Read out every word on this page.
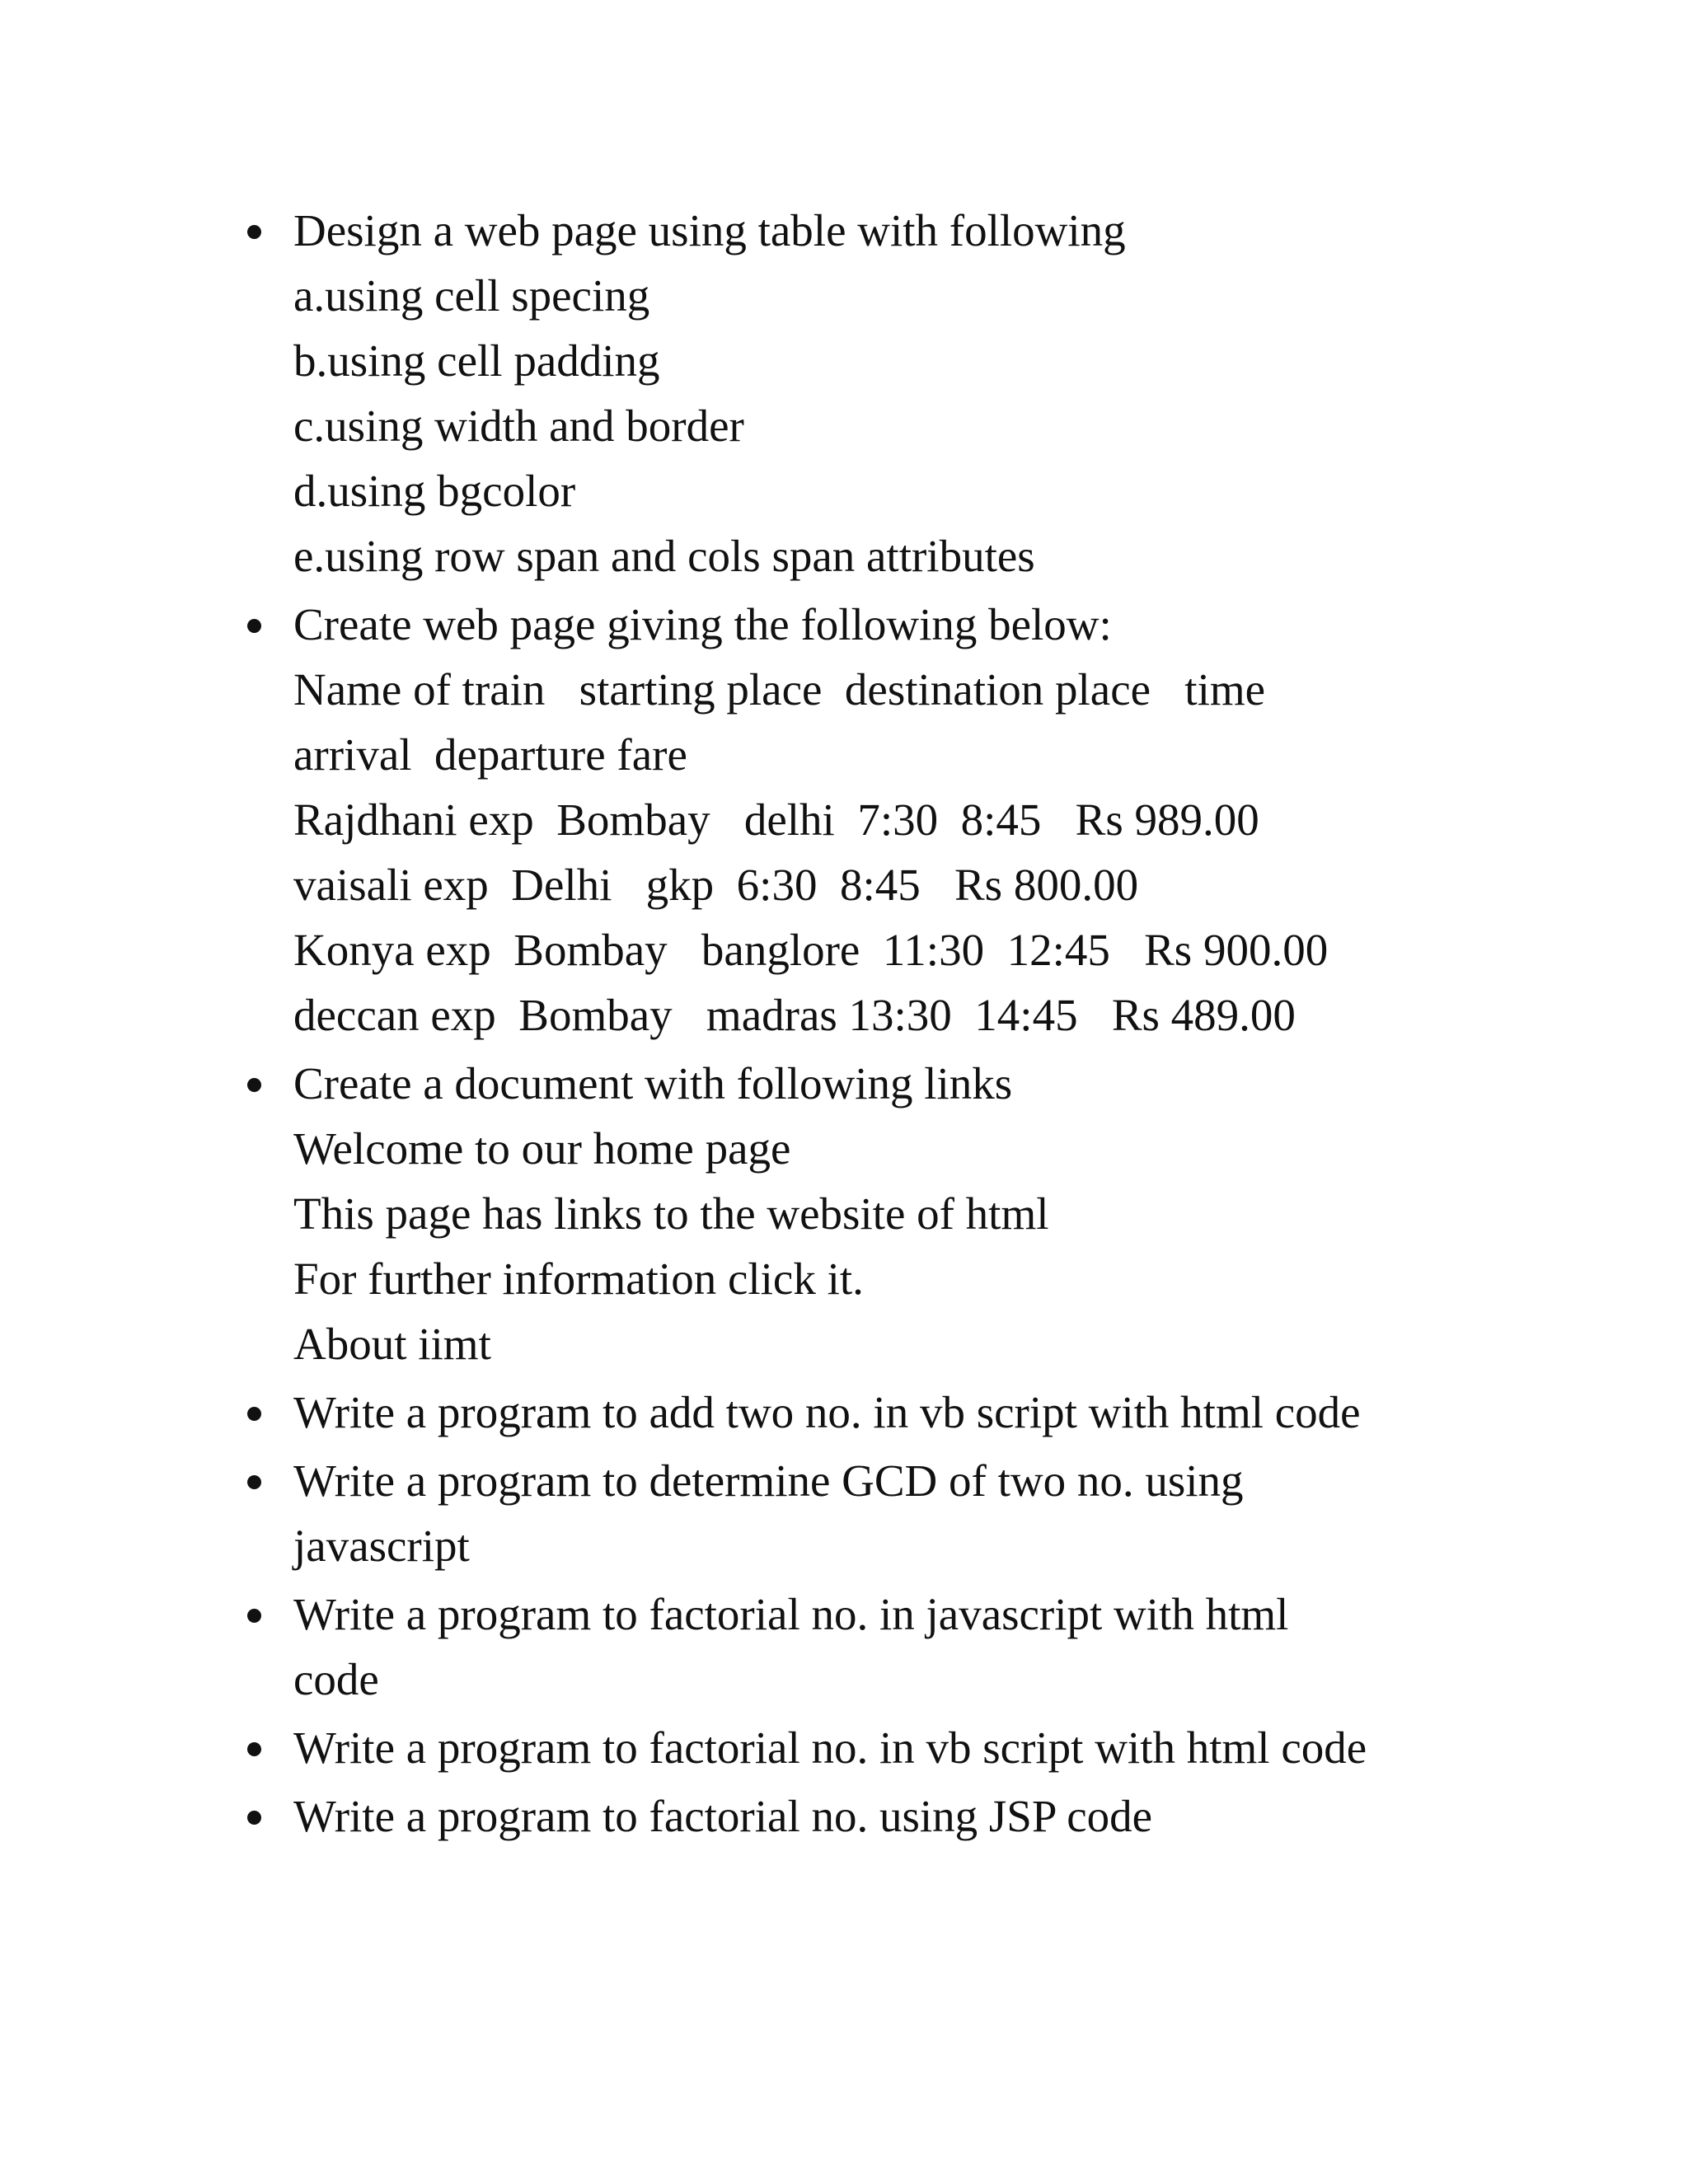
Design a web page using table with following
a.using cell specing
b.using cell padding
c.using width and border
d.using bgcolor
e.using row span and cols span attributes
Create web page giving the following below:
Name of train   starting place  destination place   time
arrival  departure fare
Rajdhani exp  Bombay   delhi  7:30  8:45   Rs 989.00
vaisali exp  Delhi   gkp  6:30  8:45   Rs 800.00
Konya exp  Bombay   banglore  11:30  12:45   Rs 900.00
deccan exp  Bombay   madras 13:30  14:45   Rs 489.00
Create a document with following links
Welcome to our home page
This page has links to the website of html
For further information click it.
About iimt
Write a program to add two no. in vb script with html code
Write a program to determine GCD of two no. using
javascript
Write a program to factorial no. in javascript with html
code
Write a program to factorial no. in vb script with html code
Write a program to factorial no. using JSP code
